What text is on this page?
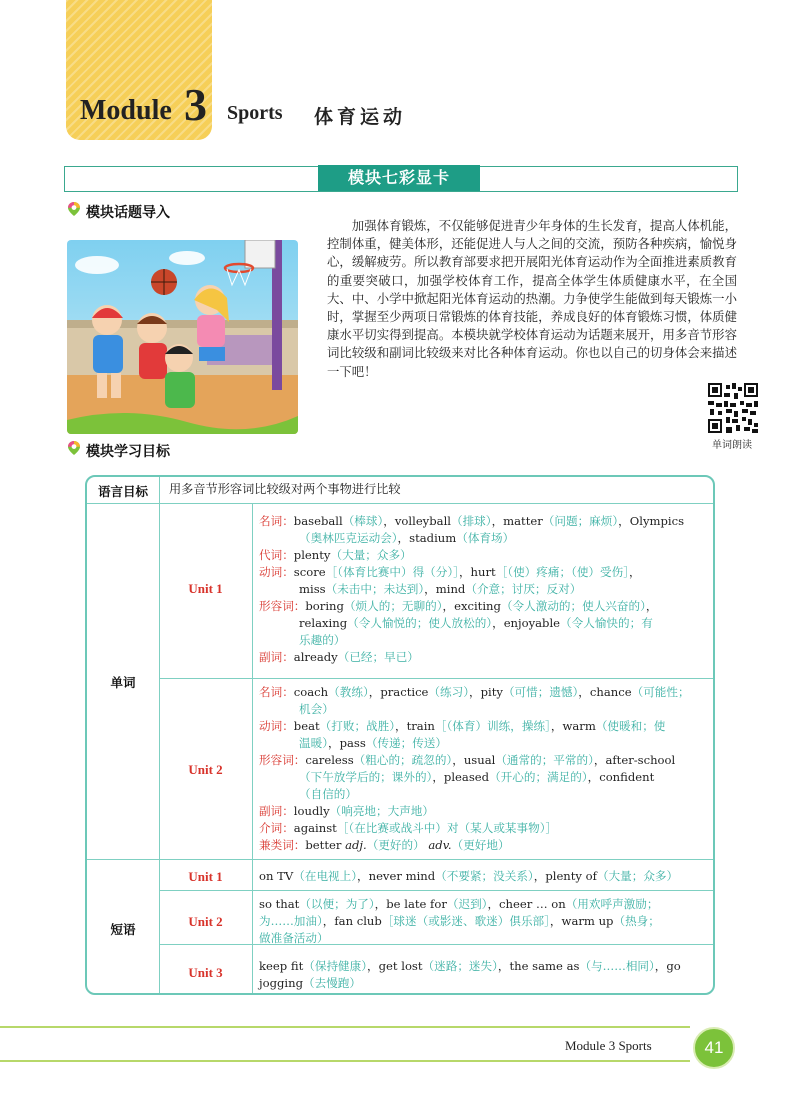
Module 3 Sports 体育运动
模块七彩显卡
模块话题导入
加强体育锻炼，不仅能够促进青少年身体的生长发育，提高人体机能，控制体重，健美体形，还能促进人与人之间的交流，预防各种疾病，愉悦身心，缓解疲劳。所以教育部要求把开展阳光体育运动作为全面推进素质教育的重要突破口，加强学校体育工作，提高全体学生体质健康水平，在全国大、中、小学中掀起阳光体育运动的热潮。力争使学生能做到每天锻炼一小时，掌握至少两项日常锻炼的体育技能，养成良好的体育锻炼习惯，体质健康水平切实得到提高。本模块就学校体育运动为话题来展开，用多音节形容词比较级和副词比较级来对比各种体育运动。你也以自己的切身体会来描述一下吧！
单词朗读
模块学习目标
语言目标	用多音节形容词比较级对两个事物进行比较
单词
Unit 1
Unit 2
名词：baseball（棒球），volleyball（排球），matter（问题；麻烦），Olympics
（奥林匹克运动会），stadium（体育场）
代词：plenty（大量；众多）
动词：score［（体育比赛中）得（分）］，hurt［（使）疼痛；（使）受伤］，
miss（未击中；未达到），mind（介意；讨厌；反对）
形容词：boring（烦人的；无聊的），exciting（令人激动的；使人兴奋的），
relaxing（令人愉悦的；使人放松的），enjoyable（令人愉快的；有
乐趣的）
副词：already（已经；早已）
名词：coach（教练），practice（练习），pity（可惜；遗憾），chance（可能性；
机会）
动词：beat（打败；战胜），train［（体育）训练，操练］，warm（使暖和；使
温暖），pass（传递；传送）
形容词：careless（粗心的；疏忽的），usual（通常的；平常的），after-school
（下午放学后的；课外的），pleased（开心的；满足的），confident
（自信的）
副词：loudly（响亮地；大声地）
介词：against［（在比赛或战斗中）对（某人或某事物）］
兼类词：better adj.（更好的） adv.（更好地）
短语
Unit 1
Unit 2
Unit 3
on TV（在电视上），never mind（不要紧；没关系），plenty of（大量；众多）
so that（以便；为了），be late for（迟到），cheer … on（用欢呼声激励；
为……加油），fan club［球迷（或影迷、歌迷）俱乐部］，warm up（热身；
做准备活动）
keep fit（保持健康），get lost（迷路；迷失），the same as（与……相同），go
jogging（去慢跑）
Module 3 Sports	41
